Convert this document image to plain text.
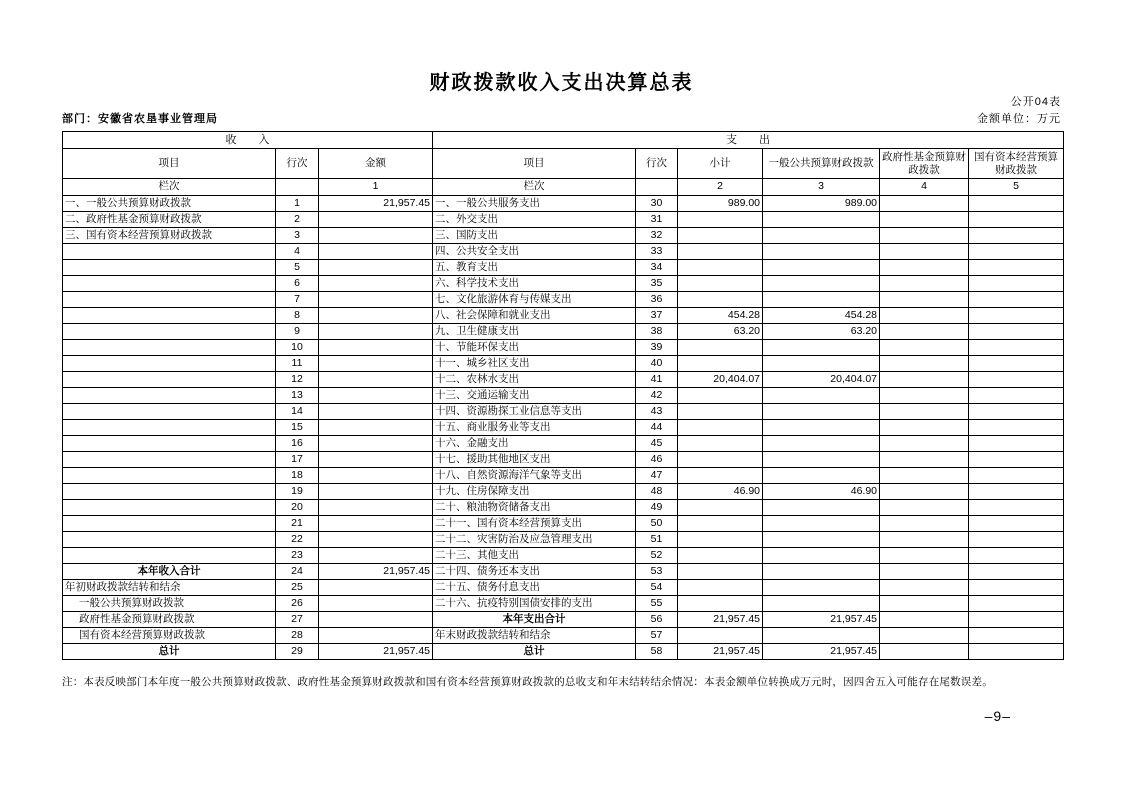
财政拨款收入支出决算总表
公开04表
部门：安徽省农垦事业管理局	金额单位：万元
收　　入			支　　出					
项目	行次	金额	项目	行次	小计	一般公共预算财政拨款	政府性基金预算财政拨款	国有资本经营预算财政拨款
栏次		1	栏次		2	3	4	5
一、一般公共预算财政拨款	1	21,957.45	一、一般公共服务支出	30	989.00	989.00		
二、政府性基金预算财政拨款	2		二、外交支出	31				
三、国有资本经营预算财政拨款	3		三、国防支出	32				
	4		四、公共安全支出	33				
	5		五、教育支出	34				
	6		六、科学技术支出	35				
	7		七、文化旅游体育与传媒支出	36				
	8		八、社会保障和就业支出	37	454.28	454.28		
	9		九、卫生健康支出	38	63.20	63.20		
	10		十、节能环保支出	39				
	11		十一、城乡社区支出	40				
	12		十二、农林水支出	41	20,404.07	20,404.07		
	13		十三、交通运输支出	42				
	14		十四、资源勘探工业信息等支出	43				
	15		十五、商业服务业等支出	44				
	16		十六、金融支出	45				
	17		十七、援助其他地区支出	46				
	18		十八、自然资源海洋气象等支出	47				
	19		十九、住房保障支出	48	46.90	46.90		
	20		二十、粮油物资储备支出	49				
	21		二十一、国有资本经营预算支出	50				
	22		二十二、灾害防治及应急管理支出	51				
	23		二十三、其他支出	52				
本年收入合计	24	21,957.45	二十四、债务还本支出	53				
年初财政拨款结转和结余	25		二十五、债务付息支出	54				
一般公共预算财政拨款	26		二十六、抗疫特别国债安排的支出	55				
政府性基金预算财政拨款	27		本年支出合计	56	21,957.45	21,957.45		
国有资本经营预算财政拨款	28		年末财政拨款结转和结余	57				
总计	29	21,957.45	总计	58	21,957.45	21,957.45		
注：本表反映部门本年度一般公共预算财政拨款、政府性基金预算财政拨款和国有资本经营预算财政拨款的总收支和年末结转结余情况：本表金额单位转换成万元时，因四舍五入可能存在尾数误差。
–9–
